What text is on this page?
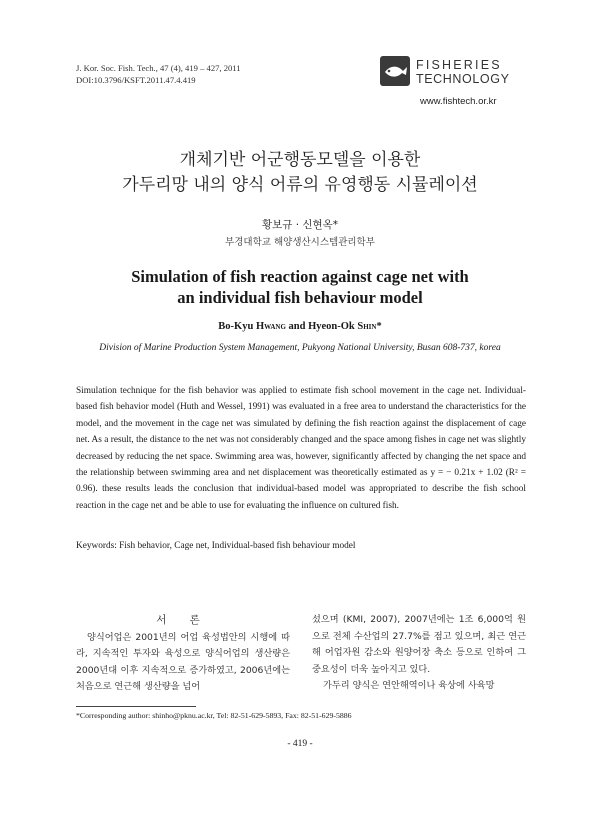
J. Kor. Soc. Fish. Tech., 47 (4), 419 – 427, 2011
DOI:10.3796/KSFT.2011.47.4.419
FISHERIES
TECHNOLOGY
www.fishtech.or.kr
개체기반 어군행동모델을 이용한
가두리망 내의 양식 어류의 유영행동 시뮬레이션
황보규 · 신현옥*
부경대학교 해양생산시스템관리학부
Simulation of fish reaction against cage net with
an individual fish behaviour model
Bo-Kyu Hwang and Hyeon-Ok Shin*
Division of Marine Production System Management, Pukyong National University, Busan 608-737, korea
Simulation technique for the fish behavior was applied to estimate fish school movement in the cage net. Individual-based fish behavior model (Huth and Wessel, 1991) was evaluated in a free area to understand the characteristics for the model, and the movement in the cage net was simulated by defining the fish reaction against the displacement of cage net. As a result, the distance to the net was not considerably changed and the space among fishes in cage net was slightly decreased by reducing the net space. Swimming area was, however, significantly affected by changing the net space and the relationship between swimming area and net displacement was theoretically estimated as y = − 0.21x + 1.02 (R² = 0.96). these results leads the conclusion that individual-based model was appropriated to describe the fish school reaction in the cage net and be able to use for evaluating the influence on cultured fish.
Keywords: Fish behavior, Cage net, Individual-based fish behaviour model
서 론
양식어업은 2001년의 어업 육성법안의 시행에 따라, 지속적인 투자와 육성으로 양식어업의 생산량은 2000년대 이후 지속적으로 증가하였고, 2006년에는 처음으로 연근해 생산량을 넘어
섰으며 (KMI, 2007), 2007년에는 1조 6,000억 원으로 전체 수산업의 27.7%를 점고 있으며, 최근 연근해 어업자원 감소와 원양어장 축소 등으로 인하여 그 중요성이 더욱 높아지고 있다.
가두리 양식은 연안해역이나 육상에 사육망
*Corresponding author: shinho@pknu.ac.kr, Tel: 82-51-629-5893, Fax: 82-51-629-5886
- 419 -
